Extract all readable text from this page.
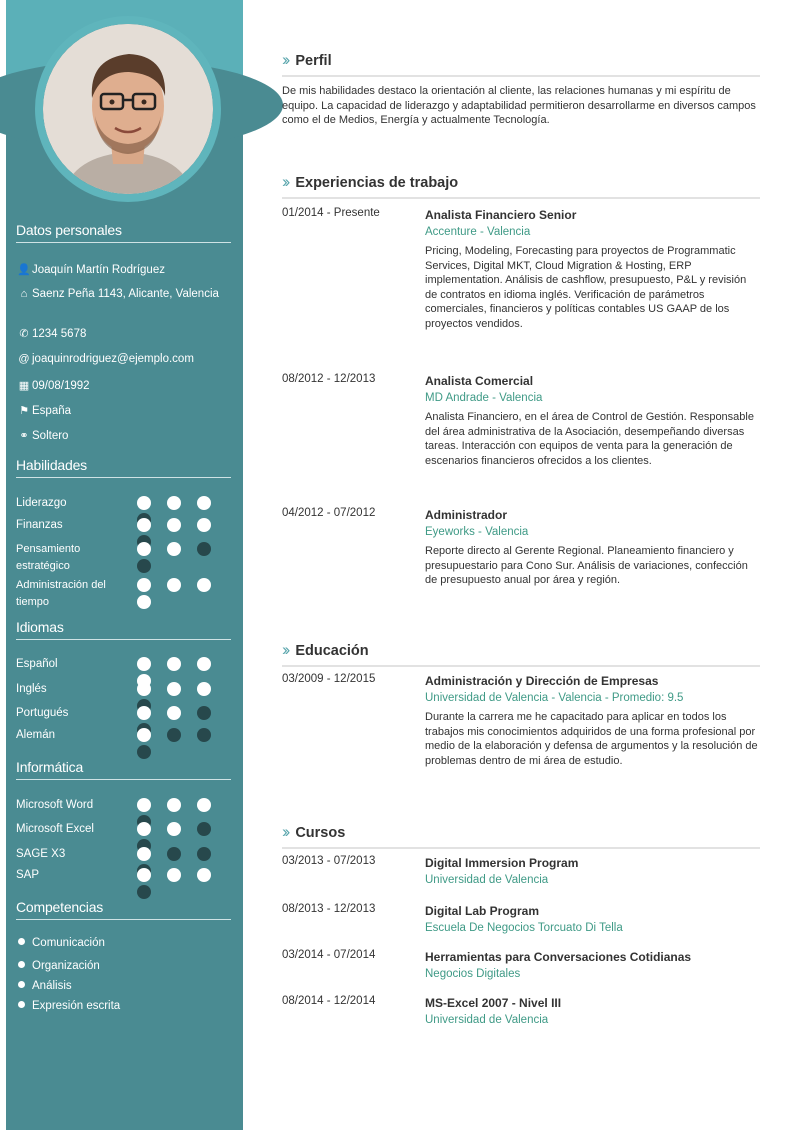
Datos personales
👤Joaquín Martín Rodríguez
⌂ Saenz Peña 1143, Alicante, Valencia
✆ 1234 5678
@ joaquinrodriguez@ejemplo.com
▦ 09/08/1992
⚑ España
⚭ Soltero
Habilidades
Liderazgo
Finanzas
Pensamiento estratégico
Administración del tiempo
Idiomas
Español
Inglés
Portugués
Alemán
Informática
Microsoft Word
Microsoft Excel
SAGE X3
SAP
Competencias
Comunicación
Organización
Análisis
Expresión escrita
›› Perfil
De mis habilidades destaco la orientación al cliente, las relaciones humanas y mi espíritu de equipo. La capacidad de liderazgo y adaptabilidad permitieron desarrollarme en diversos campos como el de Medios, Energía y actualmente Tecnología.
›› Experiencias de trabajo
01/2014 - Presente	Analista Financiero Senior
Accenture - Valencia
Pricing, Modeling, Forecasting para proyectos de Programmatic Services, Digital MKT, Cloud Migration & Hosting, ERP implementation. Análisis de cashflow, presupuesto, P&L y revisión de contratos en idioma inglés. Verificación de parámetros comerciales, financieros y políticas contables US GAAP de los proyectos vendidos.
08/2012 - 12/2013	Analista Comercial
MD Andrade - Valencia
Analista Financiero, en el área de Control de Gestión. Responsable del área administrativa de la Asociación, desempeñando diversas tareas. Interacción con equipos de venta para la generación de escenarios financieros ofrecidos a los clientes.
04/2012 - 07/2012	Administrador
Eyeworks - Valencia
Reporte directo al Gerente Regional. Planeamiento financiero y presupuestario para Cono Sur. Análisis de variaciones, confección de presupuesto anual por área y región.
›› Educación
03/2009 - 12/2015	Administración y Dirección de Empresas
Universidad de Valencia - Valencia - Promedio: 9.5
Durante la carrera me he capacitado para aplicar en todos los trabajos mis conocimientos adquiridos de una forma profesional por medio de la elaboración y defensa de argumentos y la resolución de problemas dentro de mi área de estudio.
›› Cursos
03/2013 - 07/2013	Digital Immersion Program
Universidad de Valencia
08/2013 - 12/2013	Digital Lab Program
Escuela De Negocios Torcuato Di Tella
03/2014 - 07/2014	Herramientas para Conversaciones Cotidianas
Negocios Digitales
08/2014 - 12/2014	MS-Excel 2007 - Nivel III
Universidad de Valencia
